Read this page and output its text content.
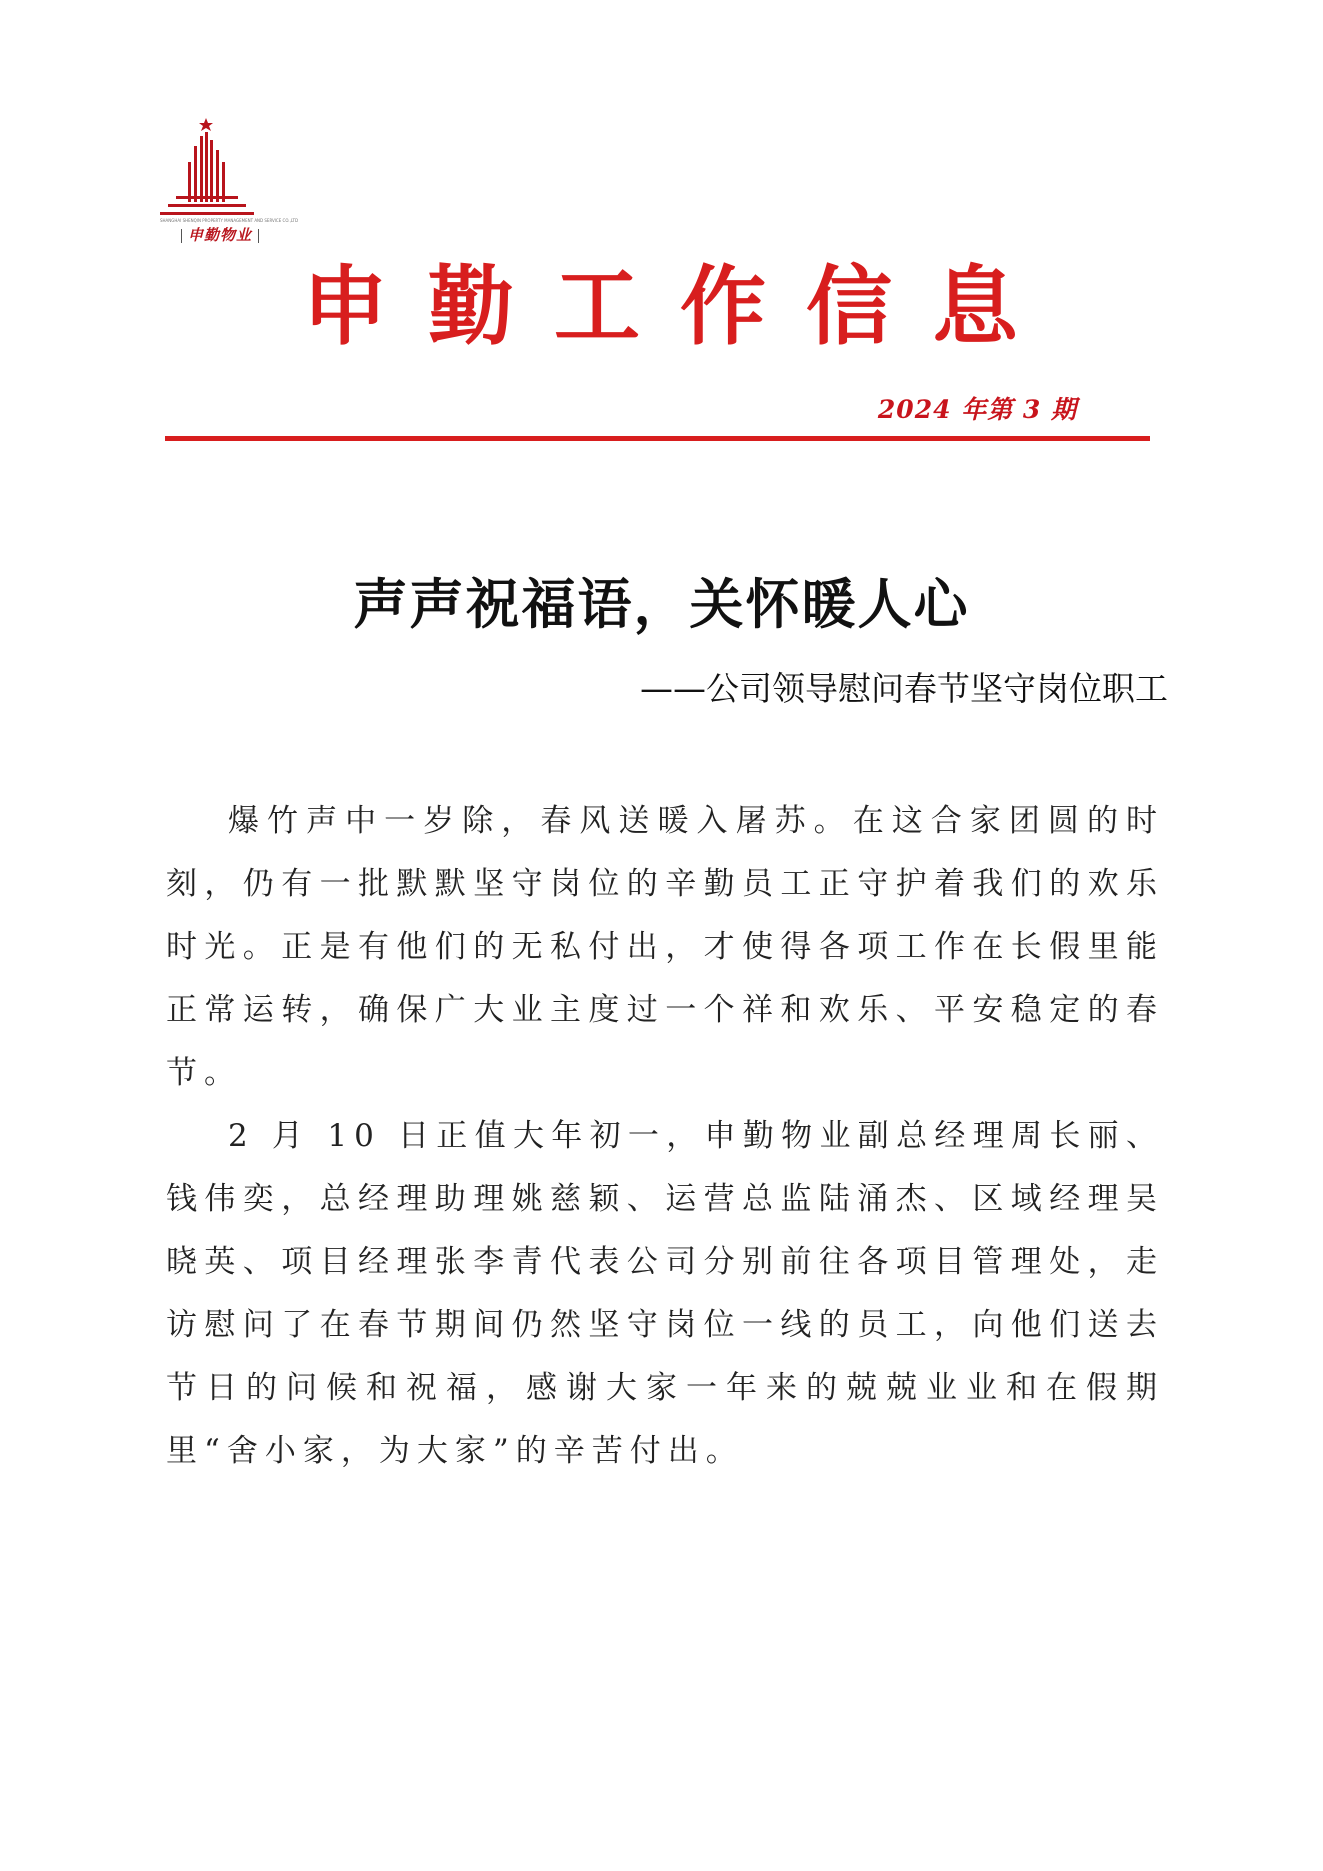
SHANGHAI SHENQIN PROPERTY MANAGEMENT AND SERVICE CO.,LTD
申勤物业
申勤工作信息
2024 年第 3 期
声声祝福语，关怀暖人心
——公司领导慰问春节坚守岗位职工

爆竹声中一岁除，春风送暖入屠苏。在这合家团圆的时刻，仍有一批默默坚守岗位的辛勤员工正守护着我们的欢乐时光。正是有他们的无私付出，才使得各项工作在长假里能正常运转，确保广大业主度过一个祥和欢乐、平安稳定的春节。

2 月 10 日正值大年初一，申勤物业副总经理周长丽、钱伟奕，总经理助理姚慈颖、运营总监陆涌杰、区域经理吴晓英、项目经理张李青代表公司分别前往各项目管理处，走访慰问了在春节期间仍然坚守岗位一线的员工，向他们送去节日的问候和祝福，感谢大家一年来的兢兢业业和在假期里“舍小家，为大家”的辛苦付出。
